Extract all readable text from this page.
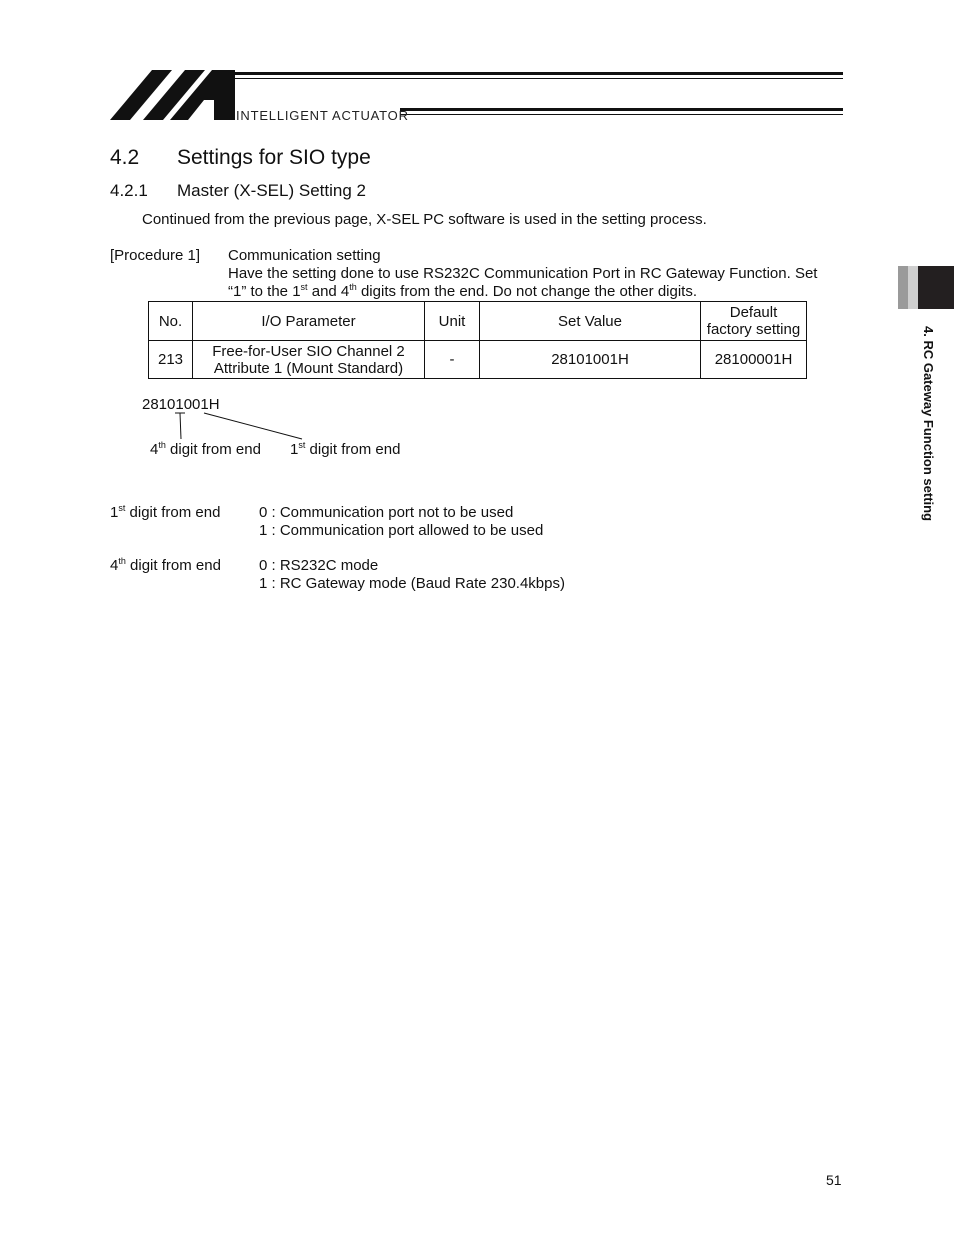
INTELLIGENT ACTUATOR
4.2 Settings for SIO type
4.2.1 Master (X-SEL) Setting 2
Continued from the previous page, X-SEL PC software is used in the setting process.
[Procedure 1] Communication setting
Have the setting done to use RS232C Communication Port in RC Gateway Function. Set
“1” to the 1st and 4th digits from the end. Do not change the other digits.
No.	I/O Parameter	Unit	Set Value	Default
factory setting

213	Free-for-User SIO Channel 2
Attribute 1 (Mount Standard)	-	28101001H	28100001H
28101001H
4th digit from end 1st digit from end
1st digit from end	0 : Communication port not to be used
1 : Communication port allowed to be used
4th digit from end	0 : RS232C mode
1 : RC Gateway mode (Baud Rate 230.4kbps)
4. RC Gateway Function setting
51
